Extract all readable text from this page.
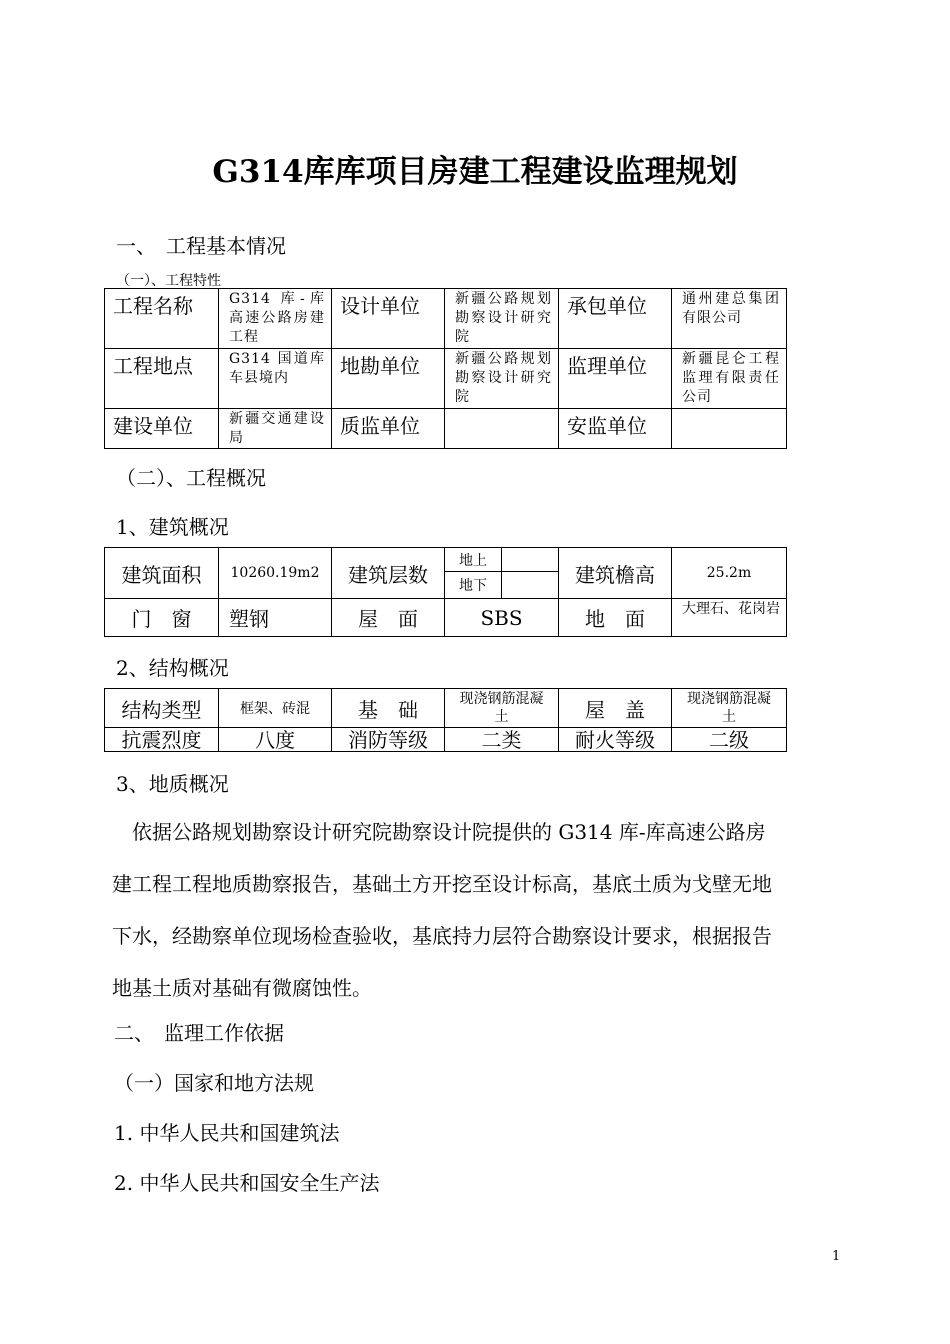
G314库库项目房建工程建设监理规划
一、　工程基本情况
（一）、工程特性
工程名称	G314 库-库高速公路房建工程	设计单位	新疆公路规划勘察设计研究院	承包单位	通州建总集团有限公司
工程地点	G314 国道库车县境内	地勘单位	新疆公路规划勘察设计研究院	监理单位	新疆昆仑工程监理有限责任公司
建设单位	新疆交通建设局	质监单位		安监单位	
（二）、工程概况
1、建筑概况
建筑面积	10260.19m2	建筑层数	地上		建筑檐高	25.2m
			地下			
门　窗	塑钢	屋　面	SBS		地　面	大理石、花岗岩
2、结构概况
结构类型	框架、砖混	基　础	现浇钢筋混凝土	屋　盖	现浇钢筋混凝土
抗震烈度	八度	消防等级	二类	耐火等级	二级
3、地质概况
　依据公路规划勘察设计研究院勘察设计院提供的 G314 库-库高速公路房
建工程工程地质勘察报告，基础土方开挖至设计标高，基底土质为戈壁无地
下水，经勘察单位现场检查验收，基底持力层符合勘察设计要求，根据报告
地基土质对基础有微腐蚀性。
二、　监理工作依据
（一）国家和地方法规
1. 中华人民共和国建筑法
2. 中华人民共和国安全生产法
1
